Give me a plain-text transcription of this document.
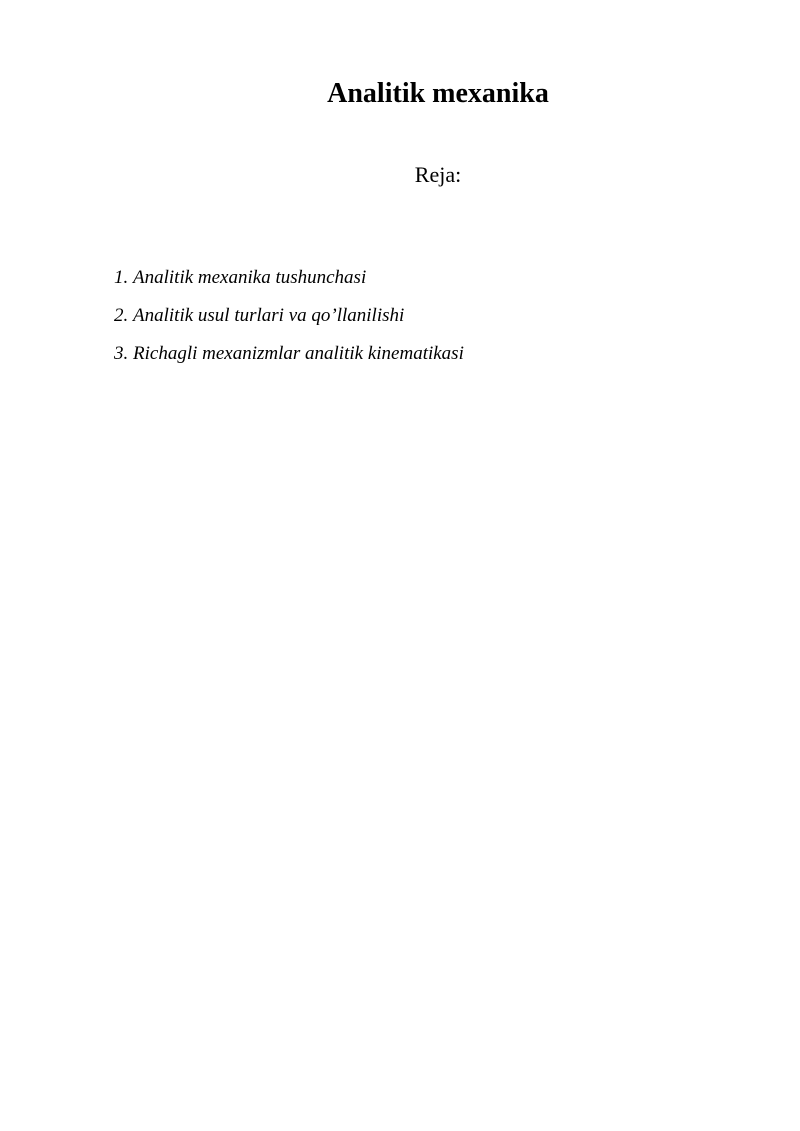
Analitik mexanika

Reja:

1. Analitik mexanika tushunchasi
2. Analitik usul turlari va qo’llanilishi
3. Richagli mexanizmlar analitik kinematikasi
